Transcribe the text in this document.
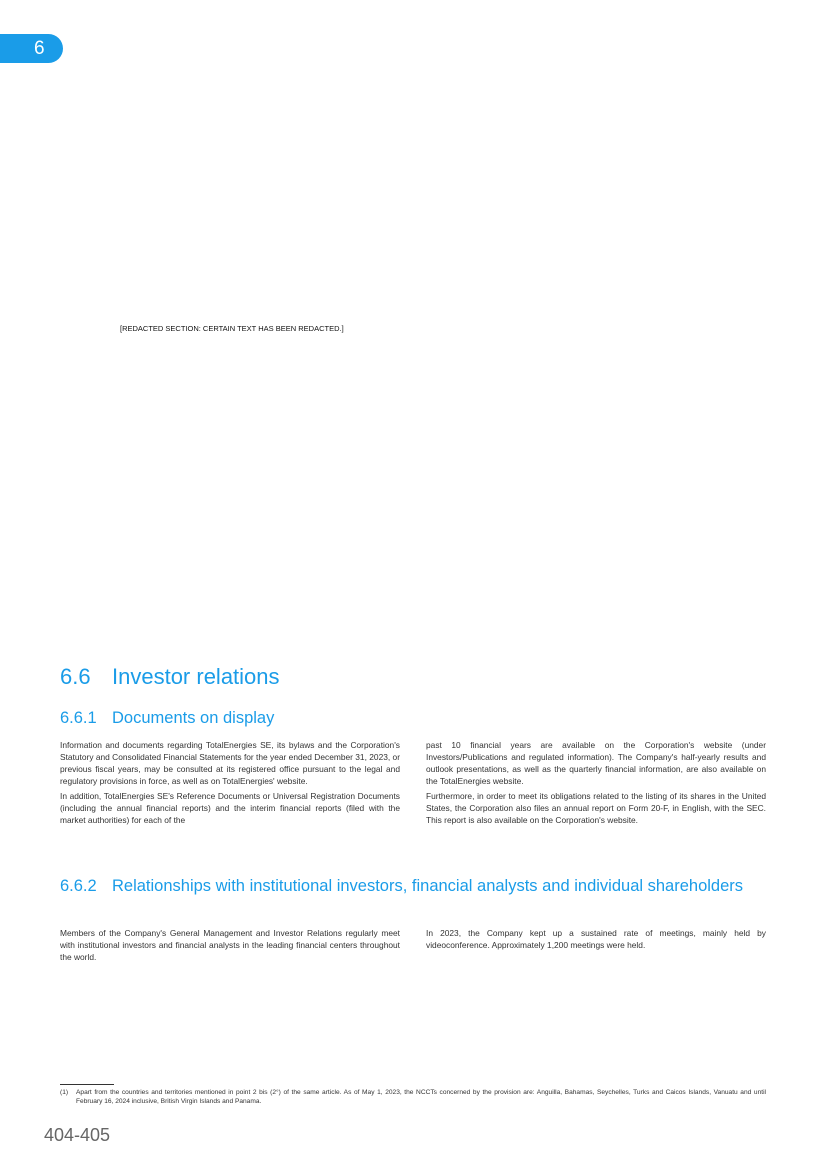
6
[REDACTED SECTION: CERTAIN TEXT HAS BEEN REDACTED.]
6.6 Investor relations
6.6.1 Documents on display

Information and documents regarding TotalEnergies SE, its bylaws and the Corporation's Statutory and Consolidated Financial Statements for the year ended December 31, 2023, or previous fiscal years, may be consulted at its registered office pursuant to the legal and regulatory provisions in force, as well as on TotalEnergies' website.

In addition, TotalEnergies SE's Reference Documents or Universal Registration Documents (including the annual financial reports) and the interim financial reports (filed with the market authorities) for each of the

past 10 financial years are available on the Corporation's website (under Investors/Publications and regulated information). The Company's half-yearly results and outlook presentations, as well as the quarterly financial information, are also available on the TotalEnergies website.

Furthermore, in order to meet its obligations related to the listing of its shares in the United States, the Corporation also files an annual report on Form 20-F, in English, with the SEC. This report is also available on the Corporation's website.

6.6.2 Relationships with institutional investors, financial analysts and individual shareholders

Members of the Company's General Management and Investor Relations regularly meet with institutional investors and financial analysts in the leading financial centers throughout the world.

In 2023, the Company kept up a sustained rate of meetings, mainly held by videoconference. Approximately 1,200 meetings were held.

(1) Apart from the countries and territories mentioned in point 2 bis (2°) of the same article. As of May 1, 2023, the NCCTs concerned by the provision are: Anguilla, Bahamas, Seychelles, Turks and Caicos Islands, Vanuatu and until February 16, 2024 inclusive, British Virgin Islands and Panama.
404-405
